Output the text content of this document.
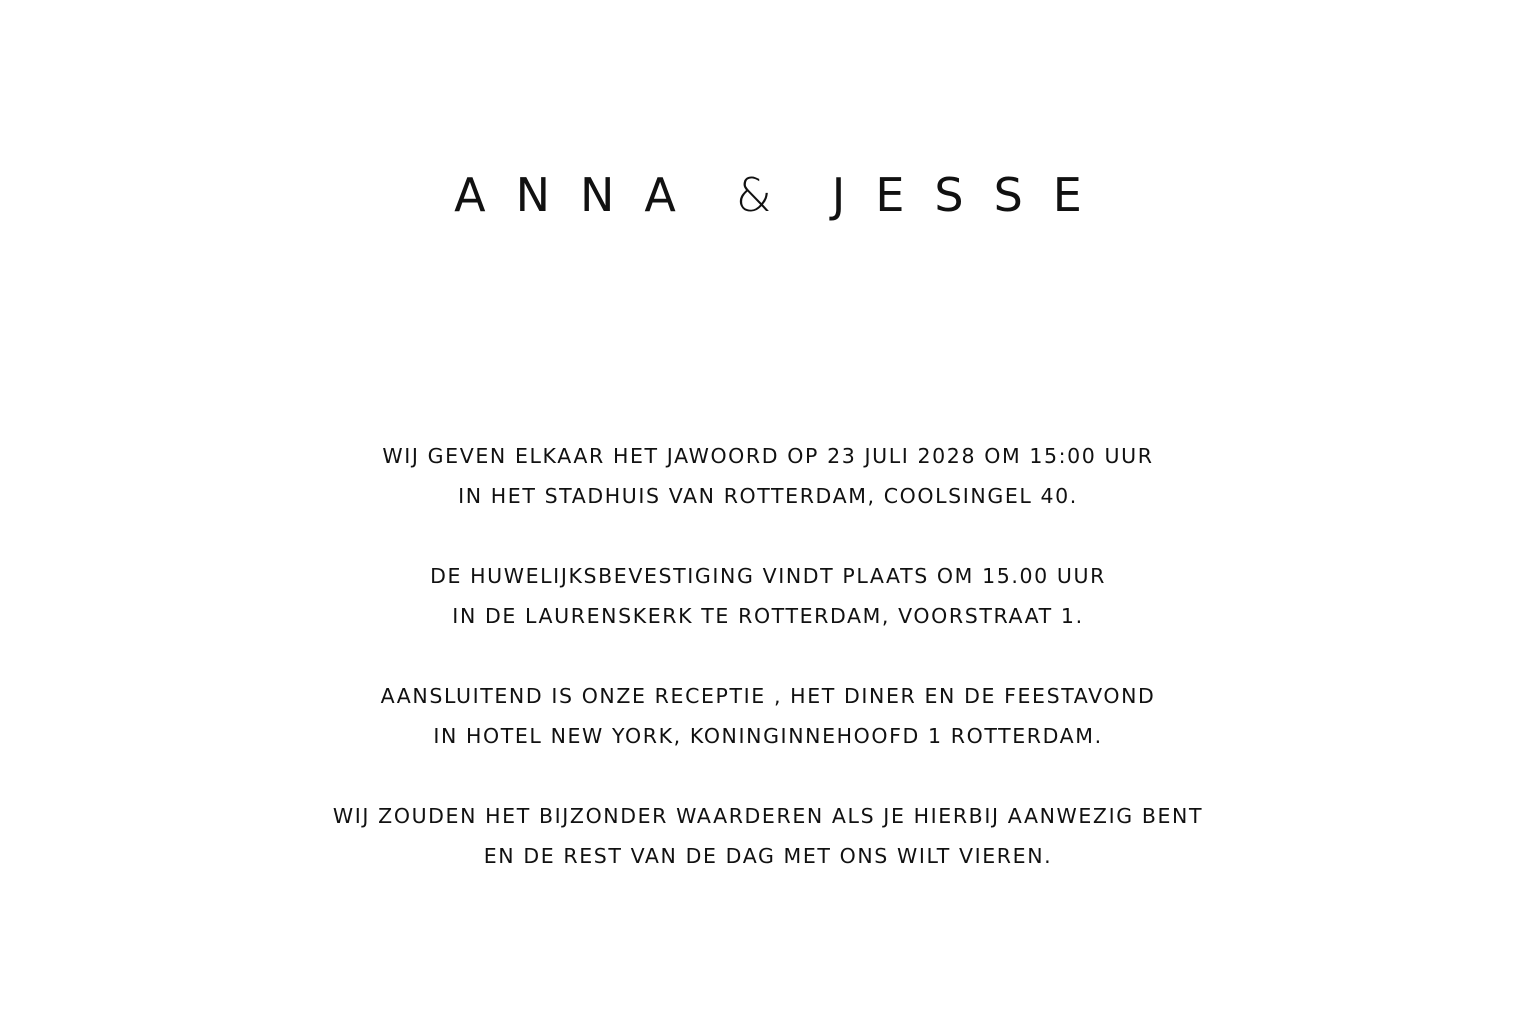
ANNA & JESSE
WIJ GEVEN ELKAAR HET JAWOORD OP 23 JULI 2028 OM 15:00 UUR
IN HET STADHUIS VAN ROTTERDAM, COOLSINGEL 40.
DE HUWELIJKSBEVESTIGING VINDT PLAATS OM 15.00 UUR
IN DE LAURENSKERK TE ROTTERDAM, VOORSTRAAT 1.
AANSLUITEND IS ONZE RECEPTIE , HET DINER EN DE FEESTAVOND
IN HOTEL NEW YORK, KONINGINNEHOOFD 1 ROTTERDAM.
WIJ ZOUDEN HET BIJZONDER WAARDEREN ALS JE HIERBIJ AANWEZIG BENT
EN DE REST VAN DE DAG MET ONS WILT VIEREN.
